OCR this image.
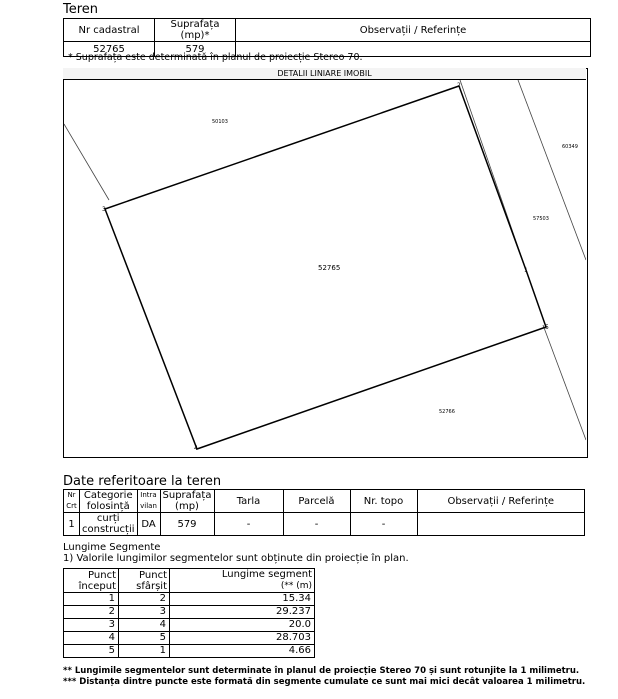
Teren
Nr cadastral	Suprafața (mp)*	Observații / Referințe
52765	579	
* Suprafața este determinată în planul de proiecție Stereo 70.
DETALII LINIARE IMOBIL
2
1
5
4
3
52765
50103
60349
57503
52766
Date referitoare la teren
Nr Crt	Categorie folosință	Intra vilan	Suprafața (mp)	Tarla	Parcelă	Nr. topo	Observații / Referințe
1	curți construcții	DA	579	-	-	-	
Lungime Segmente
1) Valorile lungimilor segmentelor sunt obținute din proiecție în plan.
Punct început	Punct sfârșit	Lungime segment
(** (m)
1	2	15.34
2	3	29.237
3	4	20.0
4	5	28.703
5	1	4.66
** Lungimile segmentelor sunt determinate în planul de proiecție Stereo 70 și sunt rotunjite la 1 milimetru.
*** Distanța dintre puncte este formată din segmente cumulate ce sunt mai mici decât valoarea 1 milimetru.
